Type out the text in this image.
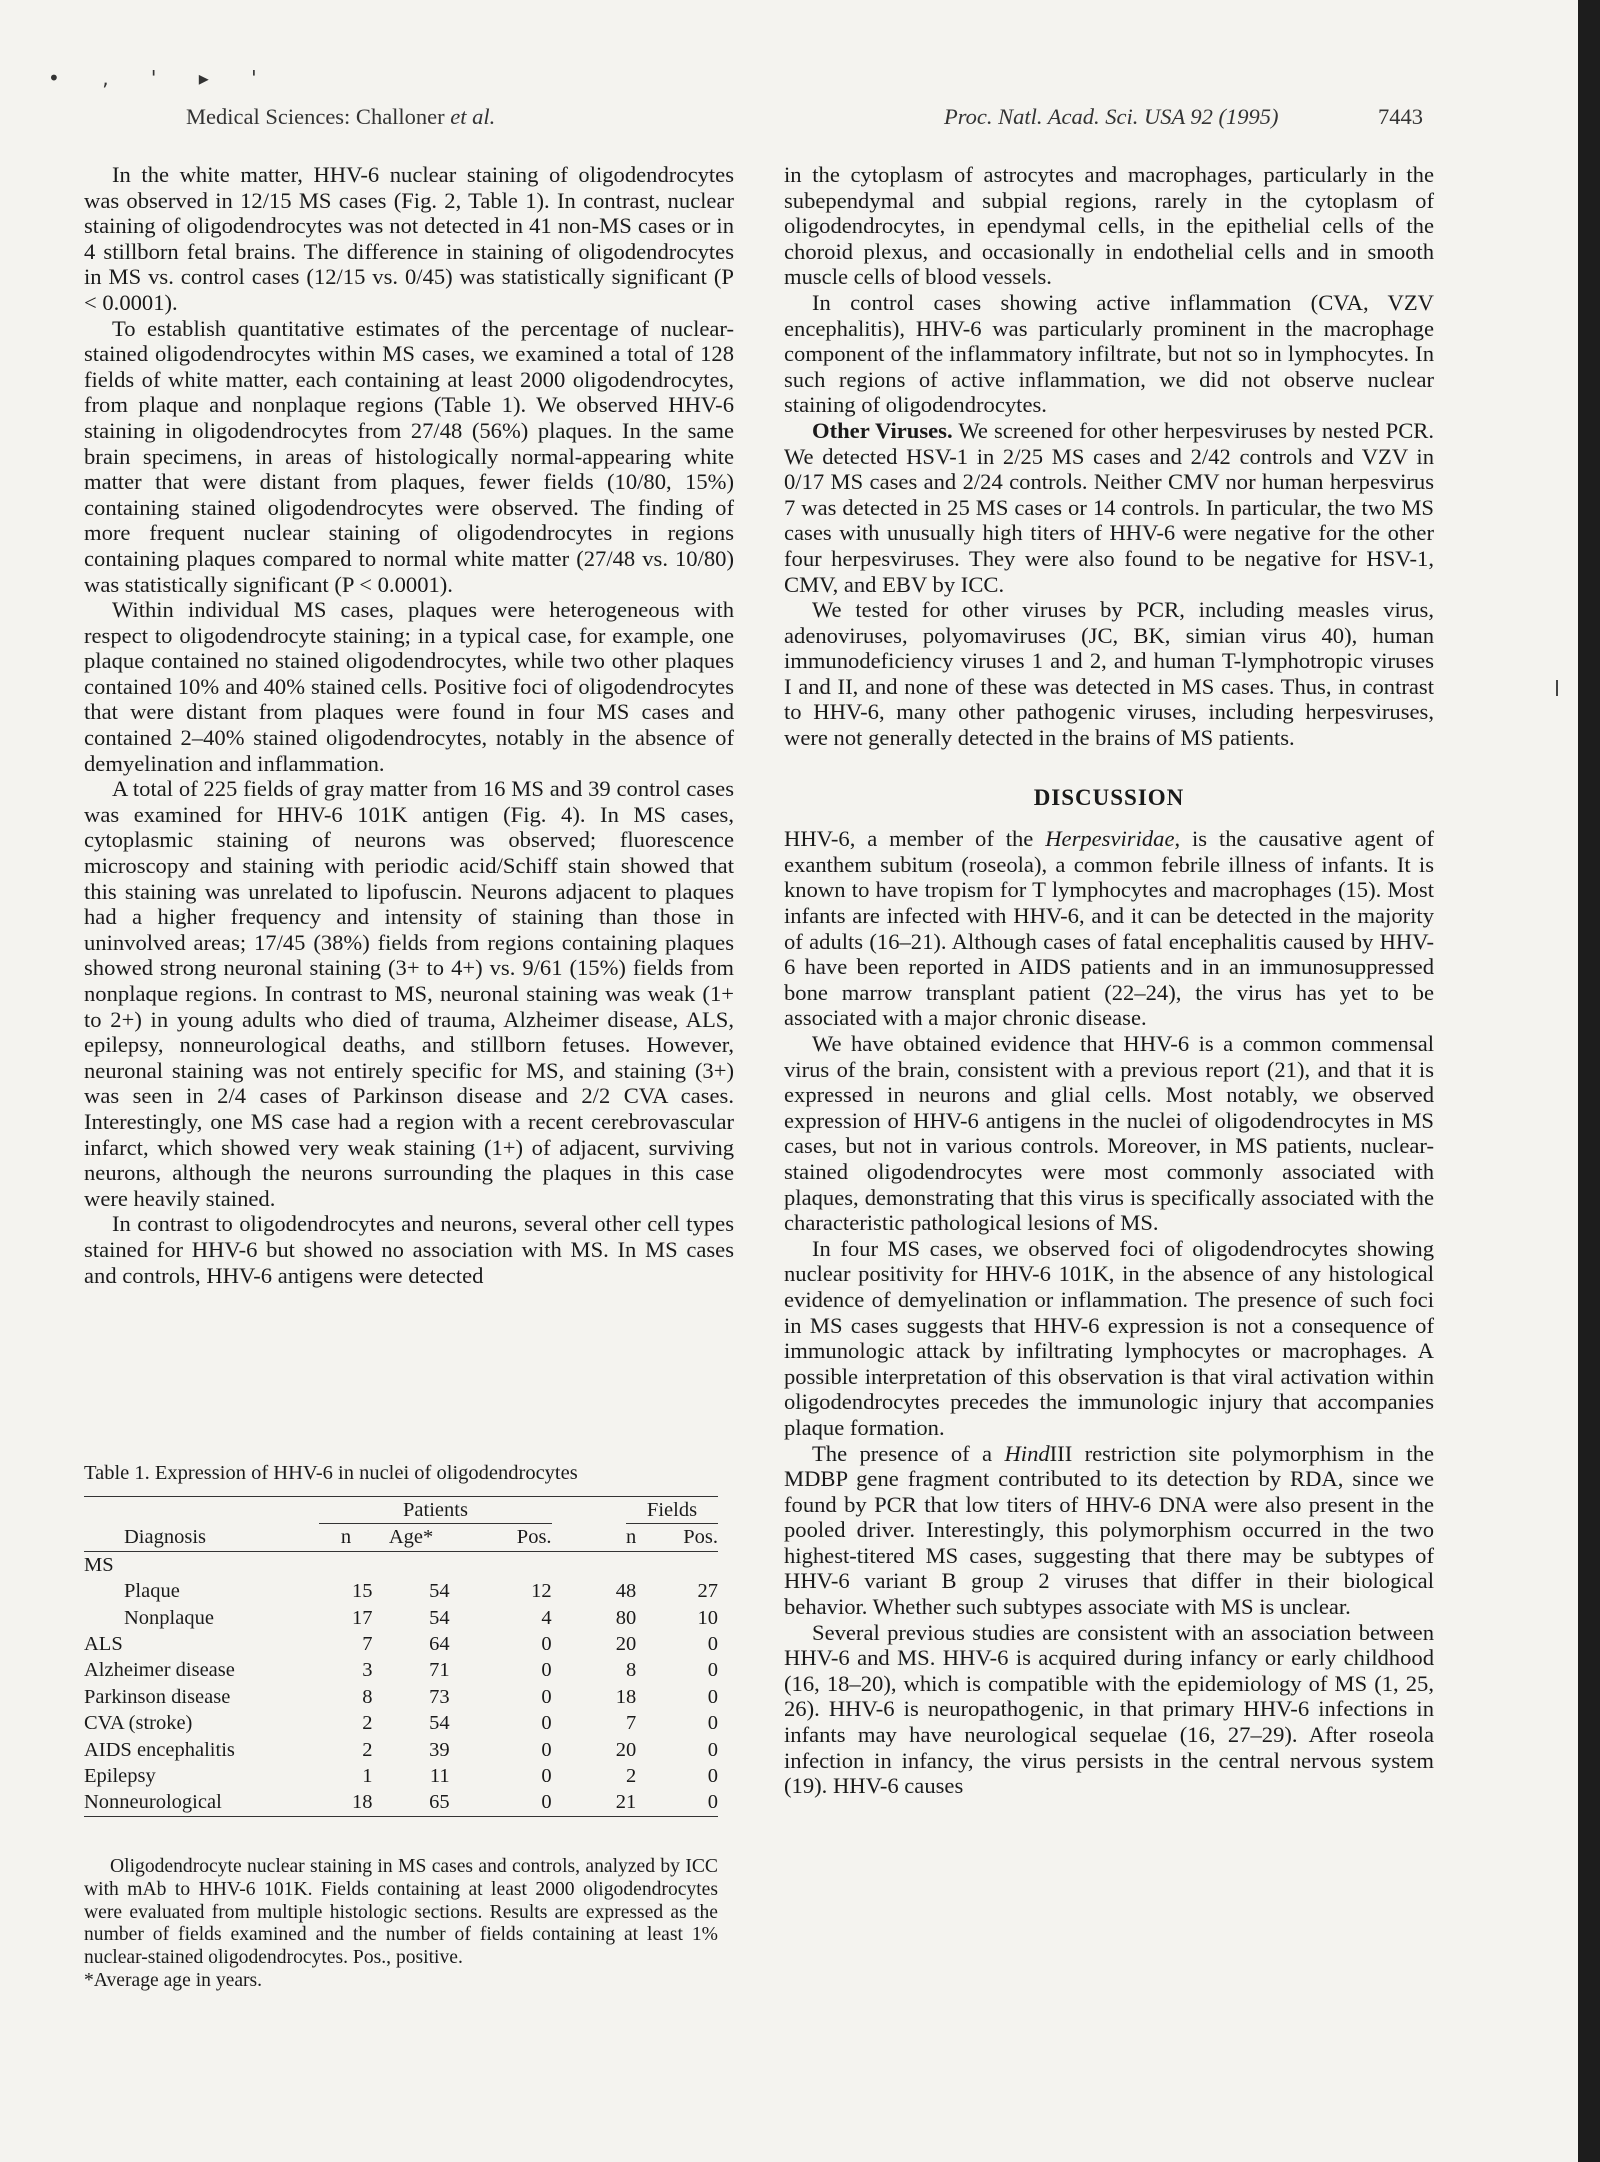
• ‚ ' ▸ '
Medical Sciences: Challoner et al.	Proc. Natl. Acad. Sci. USA 92 (1995)	7443

In the white matter, HHV-6 nuclear staining of oligodendrocytes was observed in 12/15 MS cases (Fig. 2, Table 1). In contrast, nuclear staining of oligodendrocytes was not detected in 41 non-MS cases or in 4 stillborn fetal brains. The difference in staining of oligodendrocytes in MS vs. control cases (12/15 vs. 0/45) was statistically significant (P < 0.0001).

To establish quantitative estimates of the percentage of nuclear-stained oligodendrocytes within MS cases, we examined a total of 128 fields of white matter, each containing at least 2000 oligodendrocytes, from plaque and nonplaque regions (Table 1). We observed HHV-6 staining in oligodendrocytes from 27/48 (56%) plaques. In the same brain specimens, in areas of histologically normal-appearing white matter that were distant from plaques, fewer fields (10/80, 15%) containing stained oligodendrocytes were observed. The finding of more frequent nuclear staining of oligodendrocytes in regions containing plaques compared to normal white matter (27/48 vs. 10/80) was statistically significant (P < 0.0001).

Within individual MS cases, plaques were heterogeneous with respect to oligodendrocyte staining; in a typical case, for example, one plaque contained no stained oligodendrocytes, while two other plaques contained 10% and 40% stained cells. Positive foci of oligodendrocytes that were distant from plaques were found in four MS cases and contained 2–40% stained oligodendrocytes, notably in the absence of demyelination and inflammation.

A total of 225 fields of gray matter from 16 MS and 39 control cases was examined for HHV-6 101K antigen (Fig. 4). In MS cases, cytoplasmic staining of neurons was observed; fluorescence microscopy and staining with periodic acid/Schiff stain showed that this staining was unrelated to lipofuscin. Neurons adjacent to plaques had a higher frequency and intensity of staining than those in uninvolved areas; 17/45 (38%) fields from regions containing plaques showed strong neuronal staining (3+ to 4+) vs. 9/61 (15%) fields from nonplaque regions. In contrast to MS, neuronal staining was weak (1+ to 2+) in young adults who died of trauma, Alzheimer disease, ALS, epilepsy, nonneurological deaths, and stillborn fetuses. However, neuronal staining was not entirely specific for MS, and staining (3+) was seen in 2/4 cases of Parkinson disease and 2/2 CVA cases. Interestingly, one MS case had a region with a recent cerebrovascular infarct, which showed very weak staining (1+) of adjacent, surviving neurons, although the neurons surrounding the plaques in this case were heavily stained.

In contrast to oligodendrocytes and neurons, several other cell types stained for HHV-6 but showed no association with MS. In MS cases and controls, HHV-6 antigens were detected

Table 1. Expression of HHV-6 in nuclei of oligodendrocytes
	Patients				Fields	
Diagnosis	n	Age*	Pos.		n	Pos.
MS						
Plaque	15	54	12	48		27
Nonplaque	17	54	4	80		10
ALS	7	64	0	20		0
Alzheimer disease	3	71	0	8		0
Parkinson disease	8	73	0	18		0
CVA (stroke)	2	54	0	7		0
AIDS encephalitis	2	39	0	20		0
Epilepsy	1	11	0	2		0
Nonneurological	18	65	0	21		0

Oligodendrocyte nuclear staining in MS cases and controls, analyzed by ICC with mAb to HHV-6 101K. Fields containing at least 2000 oligodendrocytes were evaluated from multiple histologic sections. Results are expressed as the number of fields examined and the number of fields containing at least 1% nuclear-stained oligodendrocytes. Pos., positive.

*Average age in years.

in the cytoplasm of astrocytes and macrophages, particularly in the subependymal and subpial regions, rarely in the cytoplasm of oligodendrocytes, in ependymal cells, in the epithelial cells of the choroid plexus, and occasionally in endothelial cells and in smooth muscle cells of blood vessels.

In control cases showing active inflammation (CVA, VZV encephalitis), HHV-6 was particularly prominent in the macrophage component of the inflammatory infiltrate, but not so in lymphocytes. In such regions of active inflammation, we did not observe nuclear staining of oligodendrocytes.

Other Viruses. We screened for other herpesviruses by nested PCR. We detected HSV-1 in 2/25 MS cases and 2/42 controls and VZV in 0/17 MS cases and 2/24 controls. Neither CMV nor human herpesvirus 7 was detected in 25 MS cases or 14 controls. In particular, the two MS cases with unusually high titers of HHV-6 were negative for the other four herpesviruses. They were also found to be negative for HSV-1, CMV, and EBV by ICC.

We tested for other viruses by PCR, including measles virus, adenoviruses, polyomaviruses (JC, BK, simian virus 40), human immunodeficiency viruses 1 and 2, and human T-lymphotropic viruses I and II, and none of these was detected in MS cases. Thus, in contrast to HHV-6, many other pathogenic viruses, including herpesviruses, were not generally detected in the brains of MS patients.

DISCUSSION

HHV-6, a member of the Herpesviridae, is the causative agent of exanthem subitum (roseola), a common febrile illness of infants. It is known to have tropism for T lymphocytes and macrophages (15). Most infants are infected with HHV-6, and it can be detected in the majority of adults (16–21). Although cases of fatal encephalitis caused by HHV-6 have been reported in AIDS patients and in an immunosuppressed bone marrow transplant patient (22–24), the virus has yet to be associated with a major chronic disease.

We have obtained evidence that HHV-6 is a common commensal virus of the brain, consistent with a previous report (21), and that it is expressed in neurons and glial cells. Most notably, we observed expression of HHV-6 antigens in the nuclei of oligodendrocytes in MS cases, but not in various controls. Moreover, in MS patients, nuclear-stained oligodendrocytes were most commonly associated with plaques, demonstrating that this virus is specifically associated with the characteristic pathological lesions of MS.

In four MS cases, we observed foci of oligodendrocytes showing nuclear positivity for HHV-6 101K, in the absence of any histological evidence of demyelination or inflammation. The presence of such foci in MS cases suggests that HHV-6 expression is not a consequence of immunologic attack by infiltrating lymphocytes or macrophages. A possible interpretation of this observation is that viral activation within oligodendrocytes precedes the immunologic injury that accompanies plaque formation.

The presence of a HindIII restriction site polymorphism in the MDBP gene fragment contributed to its detection by RDA, since we found by PCR that low titers of HHV-6 DNA were also present in the pooled driver. Interestingly, this polymorphism occurred in the two highest-titered MS cases, suggesting that there may be subtypes of HHV-6 variant B group 2 viruses that differ in their biological behavior. Whether such subtypes associate with MS is unclear.

Several previous studies are consistent with an association between HHV-6 and MS. HHV-6 is acquired during infancy or early childhood (16, 18–20), which is compatible with the epidemiology of MS (1, 25, 26). HHV-6 is neuropathogenic, in that primary HHV-6 infections in infants may have neurological sequelae (16, 27–29). After roseola infection in infancy, the virus persists in the central nervous system (19). HHV-6 causes
